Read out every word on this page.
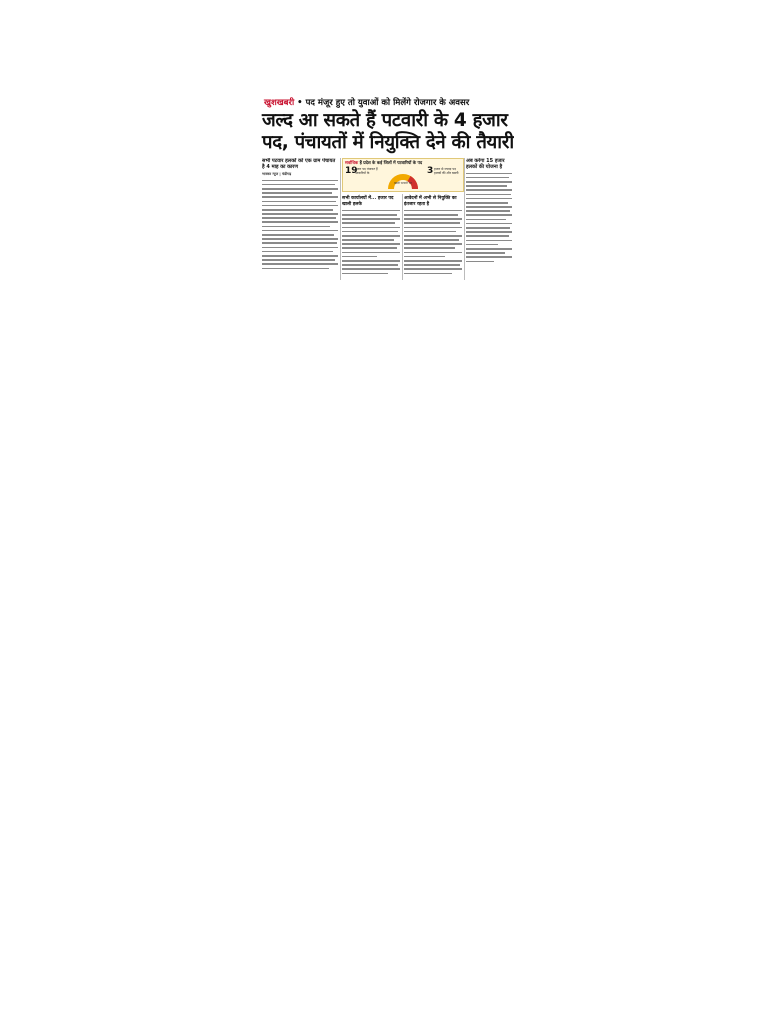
खुशखबरी • पद मंजूर हुए तो युवाओं को मिलेंगे रोजगार के अवसर
जल्द आ सकते हैं पटवारी के 4 हजार
पद, पंचायतों में नियुक्ति देने की तैयारी
सभी पटवार हलकों को एक ग्राम पंचायत है 4 माह का कारण
भास्कर न्यूज | चंडीगढ़
सर्वाधिक हैं प्रदेश के कई जिलों में पटवारियों के पद
19
हजार पद पंचायत हैं पटवारियों के
खाली पटवारी पद
3 हजार से ज्यादा पद हलकों की और खाली
सभी कार्यालयों में... हजार पद खाली हलके
आवेदनों में अभी से नियुक्ति का इंतजार रहता है
अब करेगा 15 हजार हलकों की योजना है
